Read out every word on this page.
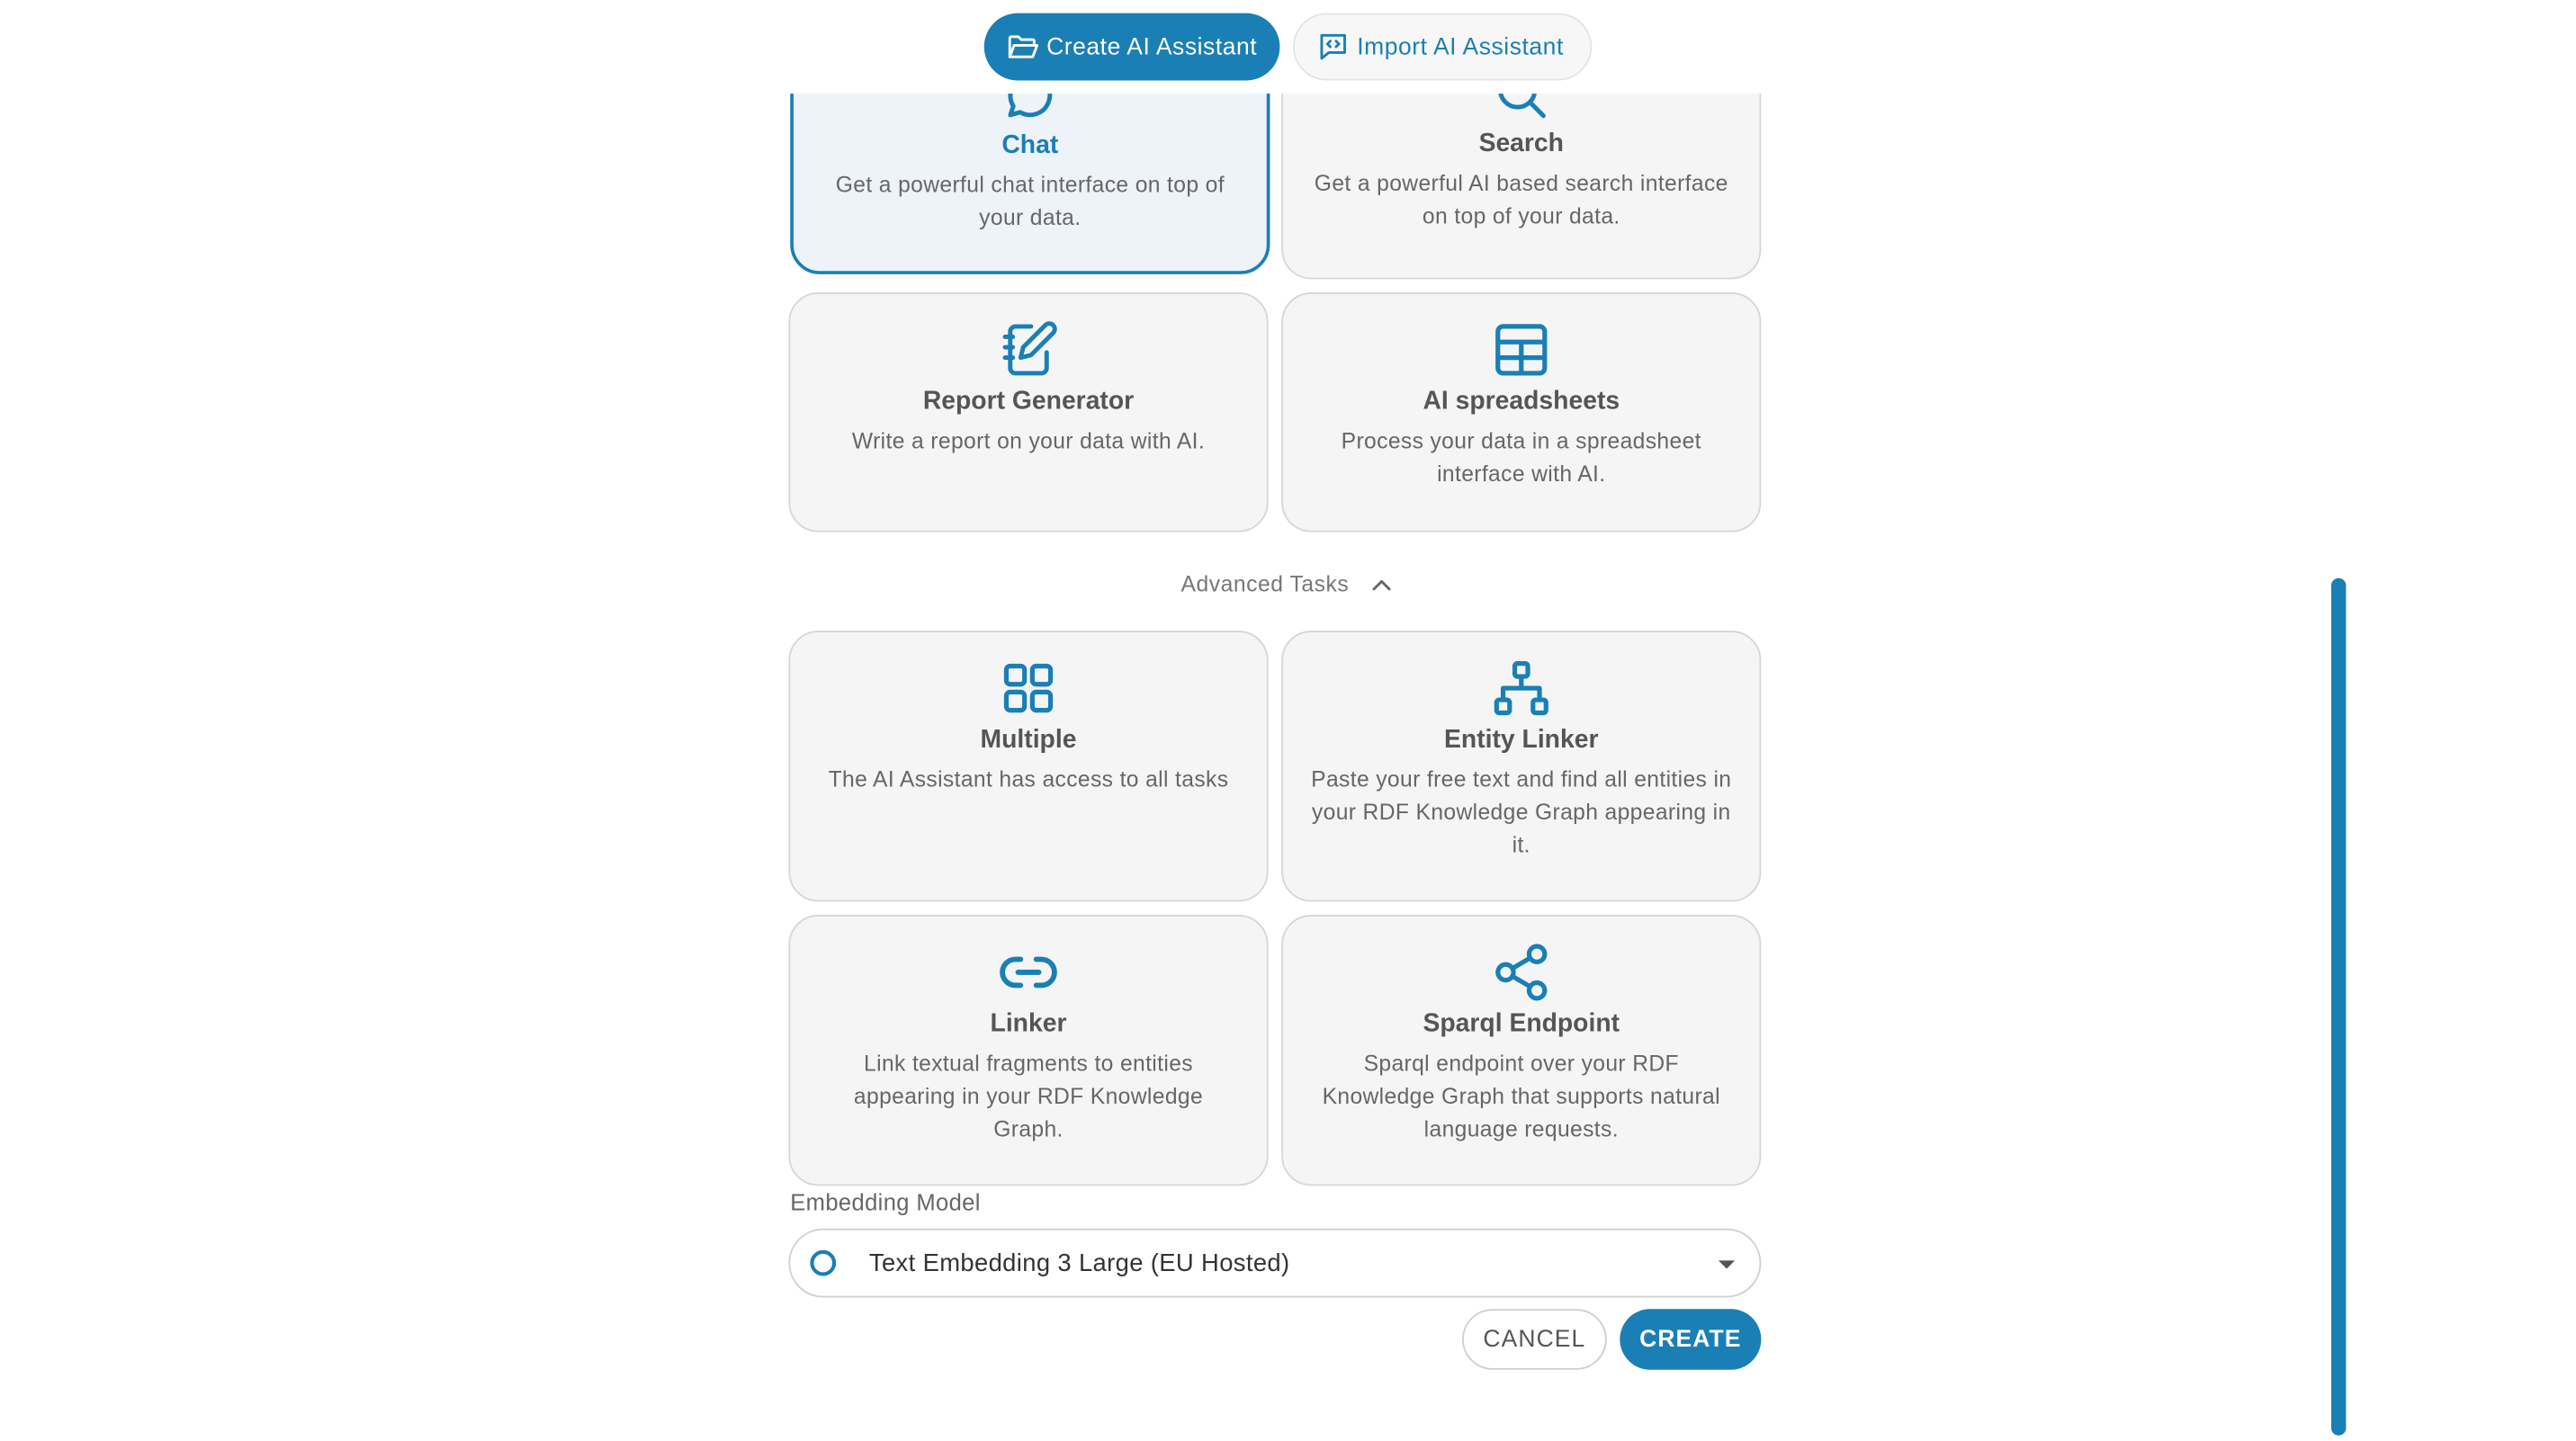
Chat
Get a powerful chat interface on top of your data.
Search
Get a powerful AI based search interface on top of your data.
Report Generator
Write a report on your data with AI.
AI spreadsheets
Process your data in a spreadsheet interface with AI.
Advanced Tasks
Multiple
The AI Assistant has access to all tasks
Entity Linker
Paste your free text and find all entities in your RDF Knowledge Graph appearing in it.
Linker
Link textual fragments to entities appearing in your RDF Knowledge Graph.
Sparql Endpoint
Sparql endpoint over your RDF Knowledge Graph that supports natural language requests.
Embedding Model
Text Embedding 3 Large (EU Hosted)
CANCEL	CREATE
Create AI Assistant	Import AI Assistant
